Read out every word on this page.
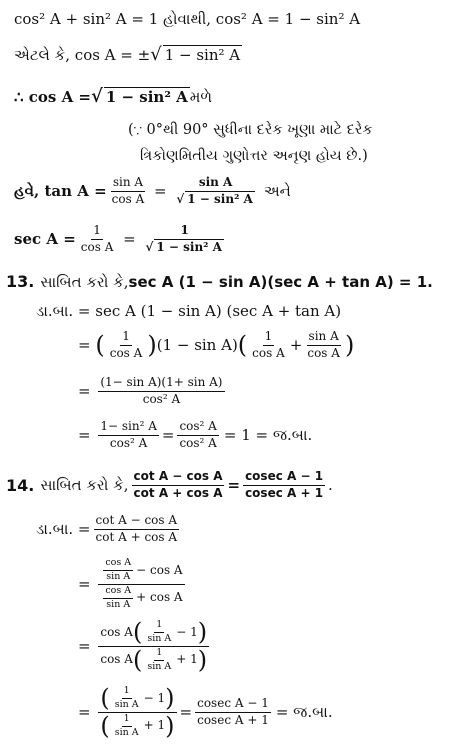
cos² A + sin² A = 1 હોવાથી, cos² A = 1 − sin² A
એટલે કે, cos A = ± √ 1 − sin² A
∴ cos A = √ 1 − sin² A મળે
(∵ 0°થી 90° સુધીના દરેક ખૂણા માટે દરેક
ત્રિકોણમિતીય ગુણોત્તર અનૃણ હોય છે.)
હવે, $\tan A = \frac{\text{sin A}}{\text{cos A}} = \frac{\text{sin A}}{\text{√ 1 − sin² A}}$ અને
$\sec A = \frac{1}{\text{cos A}} = \frac{1}{\text{√ 1 − sin² A}}$
13. સાબિત કરો કે, sec A (1 − sin A)(sec A + tan A) = 1.
ડા.બા. = sec A (1 − sin A) (sec A + tan A)
= ( $\frac{1}{\text{cos A}}$ ) (1 − sin A) ( $\frac{1}{\text{cos A}} + \frac{\text{sin A}}{\text{cos A}}$ )
= $\frac{\text{(1− sin A)(1+ sin A)}}{\text{cos² A}}$
= $\frac{\text{1− sin² A}}{\text{cos² A}} = \frac{\text{cos² A}}{\text{cos² A}} = 1$ = જ.બા.
14. સાબિત કરો કે, $\frac{\text{cot A − cos A}}{\text{cot A + cos A}} = \frac{\text{cosec A − 1}}{\text{cosec A + 1}}$ .
ડા.બા. = $\frac{\text{cot A − cos A}}{\text{cot A + cos A}}$
= $\frac{\frac{\text{cos A}}{\text{sin A}} - \cos A}{\frac{\text{cos A}}{\text{sin A}} + \cos A}$
= $\frac{\cos A ( \frac{1}{\text{sin A}} - 1 )}{\cos A ( \frac{1}{\text{sin A}} + 1 )}$
= $\frac{( \frac{1}{\text{sin A}} - 1 )}{( \frac{1}{\text{sin A}} + 1 )} = \frac{\text{cosec A − 1}}{\text{cosec A + 1}}$ = જ.બા.
